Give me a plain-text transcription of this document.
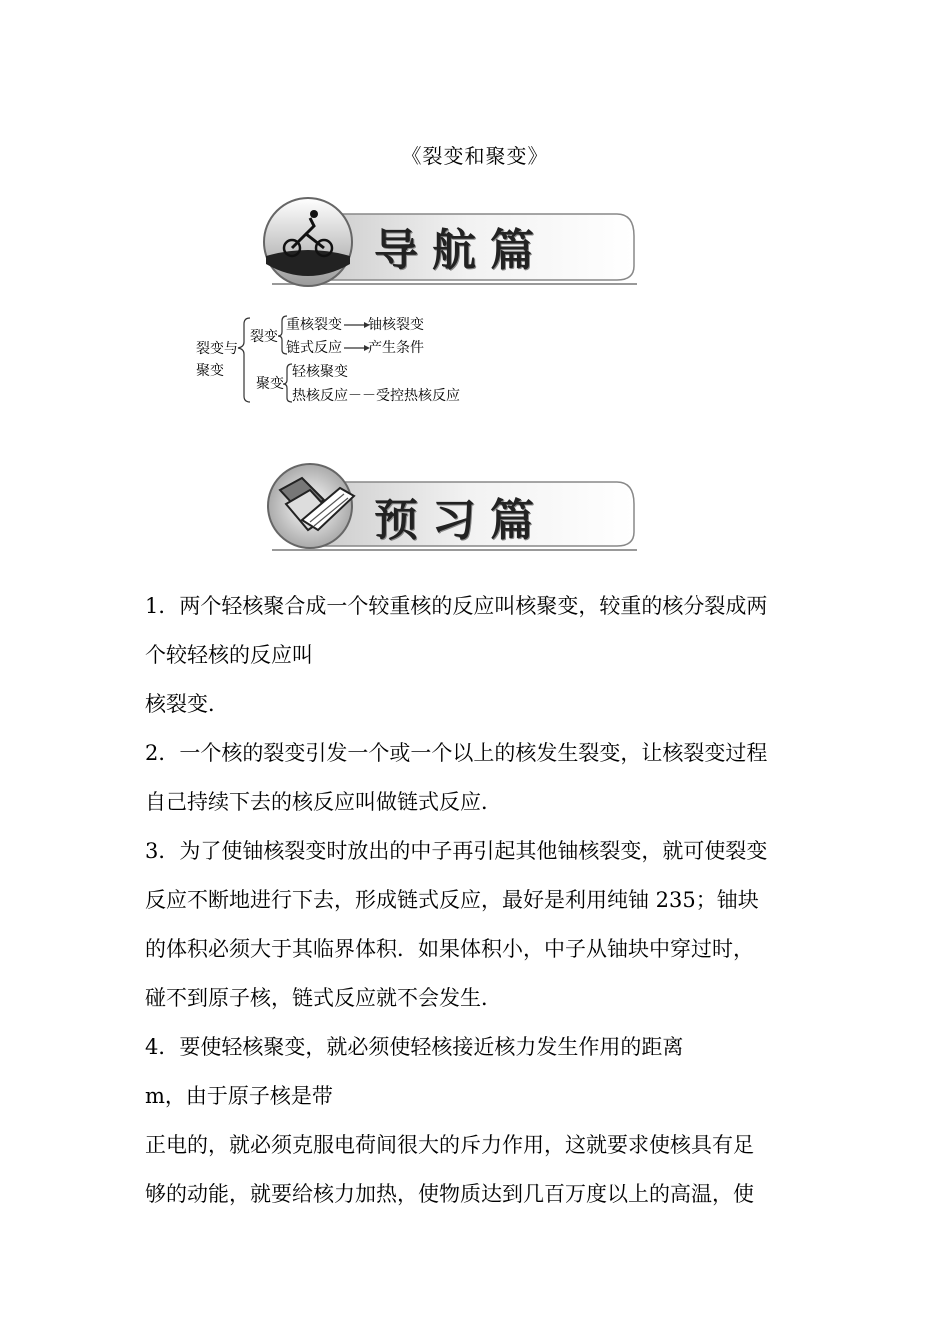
《裂变和聚变》
导航篇
裂变与
聚变
裂变
重核裂变 铀核裂变
链式反应 产生条件
聚变
轻核聚变
热核反应－－受控热核反应
预习篇

1．两个轻核聚合成一个较重核的反应叫核聚变，较重的核分裂成两

个较轻核的反应叫

核裂变．

2．一个核的裂变引发一个或一个以上的核发生裂变，让核裂变过程

自己持续下去的核反应叫做链式反应．

3．为了使铀核裂变时放出的中子再引起其他铀核裂变，就可使裂变

反应不断地进行下去，形成链式反应，最好是利用纯铀 235；铀块

的体积必须大于其临界体积．如果体积小，中子从铀块中穿过时，

碰不到原子核，链式反应就不会发生．

4．要使轻核聚变，就必须使轻核接近核力发生作用的距离

m，由于原子核是带

正电的，就必须克服电荷间很大的斥力作用，这就要求使核具有足

够的动能，就要给核力加热，使物质达到几百万度以上的高温，使
